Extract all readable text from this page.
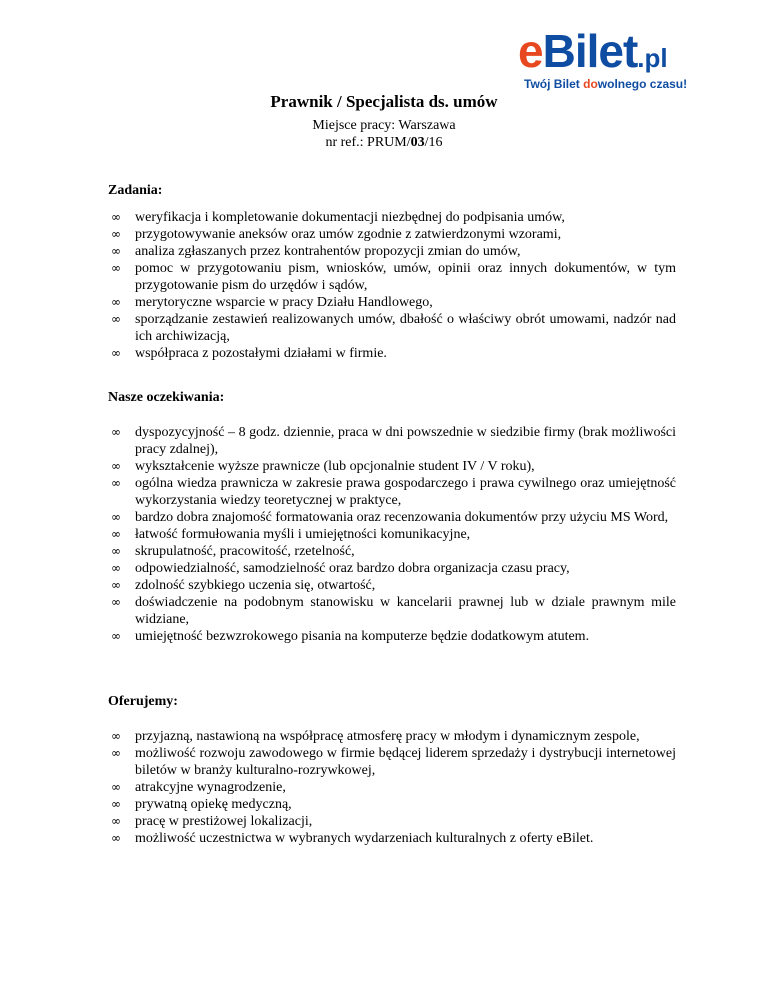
eBilet.pl
Twój Bilet dowolnego czasu!
Prawnik / Specjalista ds. umów
Miejsce pracy: Warszawa
nr ref.: PRUM/03/16
Zadania:
∞ weryfikacja i kompletowanie dokumentacji niezbędnej do podpisania umów,
∞ przygotowywanie aneksów oraz umów zgodnie z zatwierdzonymi wzorami,
∞ analiza zgłaszanych przez kontrahentów propozycji zmian do umów,
∞ pomoc w przygotowaniu pism, wniosków, umów, opinii oraz innych dokumentów, w tym przygotowanie pism do urzędów i sądów,
∞ merytoryczne wsparcie w pracy Działu Handlowego,
∞ sporządzanie zestawień realizowanych umów, dbałość o właściwy obrót umowami, nadzór nad ich archiwizacją,
∞ współpraca z pozostałymi działami w firmie.
Nasze oczekiwania:
∞ dyspozycyjność – 8 godz. dziennie, praca w dni powszednie w siedzibie firmy (brak możliwości pracy zdalnej),
∞ wykształcenie wyższe prawnicze (lub opcjonalnie student IV / V roku),
∞ ogólna wiedza prawnicza w zakresie prawa gospodarczego i prawa cywilnego oraz umiejętność wykorzystania wiedzy teoretycznej w praktyce,
∞ bardzo dobra znajomość formatowania oraz recenzowania dokumentów przy użyciu MS Word,
∞ łatwość formułowania myśli i umiejętności komunikacyjne,
∞ skrupulatność, pracowitość, rzetelność,
∞ odpowiedzialność, samodzielność oraz bardzo dobra organizacja czasu pracy,
∞ zdolność szybkiego uczenia się, otwartość,
∞ doświadczenie na podobnym stanowisku w kancelarii prawnej lub w dziale prawnym mile widziane,
∞ umiejętność bezwzrokowego pisania na komputerze będzie dodatkowym atutem.
Oferujemy:
∞ przyjazną, nastawioną na współpracę atmosferę pracy w młodym i dynamicznym zespole,
∞ możliwość rozwoju zawodowego w firmie będącej liderem sprzedaży i dystrybucji internetowej biletów w branży kulturalno-rozrywkowej,
∞ atrakcyjne wynagrodzenie,
∞ prywatną opiekę medyczną,
∞ pracę w prestiżowej lokalizacji,
∞ możliwość uczestnictwa w wybranych wydarzeniach kulturalnych z oferty eBilet.
